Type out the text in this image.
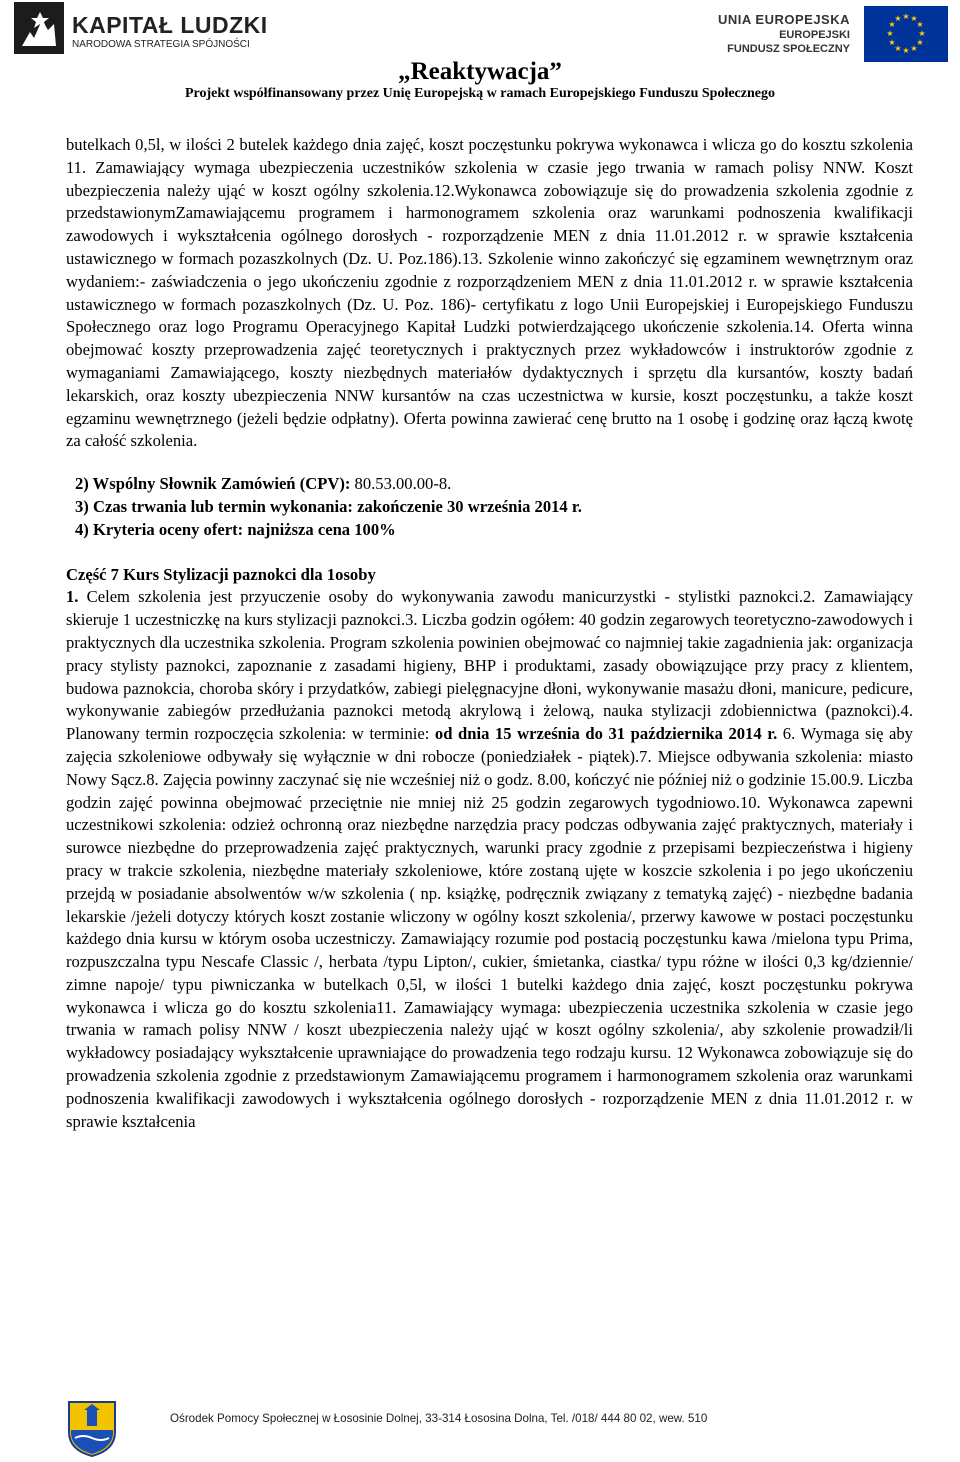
KAPITAŁ LUDZKI
NARODOWA STRATEGIA SPÓJNOŚCI
UNIA EUROPEJSKA
EUROPEJSKI
FUNDUSZ SPOŁECZNY
★ ★
★
★
★
★
★
★
★
★
★
★
„Reaktywacja”
Projekt współfinansowany przez Unię Europejską w ramach Europejskiego Funduszu Społecznego

butelkach 0,5l, w ilości 2 butelek każdego dnia zajęć, koszt poczęstunku pokrywa wykonawca i wlicza go do kosztu szkolenia 11. Zamawiający wymaga ubezpieczenia uczestników szkolenia w czasie jego trwania w ramach polisy NNW. Koszt ubezpieczenia należy ująć w koszt ogólny szkolenia.12.Wykonawca zobowiązuje się do prowadzenia szkolenia zgodnie z przedstawionymZamawiającemu programem i harmonogramem szkolenia oraz warunkami podnoszenia kwalifikacji zawodowych i wykształcenia ogólnego dorosłych - rozporządzenie MEN z dnia 11.01.2012 r. w sprawie kształcenia ustawicznego w formach pozaszkolnych (Dz. U. Poz.186).13. Szkolenie winno zakończyć się egzaminem wewnętrznym oraz wydaniem:- zaświadczenia o jego ukończeniu zgodnie z rozporządzeniem MEN z dnia 11.01.2012 r. w sprawie kształcenia ustawicznego w formach pozaszkolnych (Dz. U. Poz. 186)- certyfikatu z logo Unii Europejskiej i Europejskiego Funduszu Społecznego oraz logo Programu Operacyjnego Kapitał Ludzki potwierdzającego ukończenie szkolenia.14. Oferta winna obejmować koszty przeprowadzenia zajęć teoretycznych i praktycznych przez wykładowców i instruktorów zgodnie z wymaganiami Zamawiającego, koszty niezbędnych materiałów dydaktycznych i sprzętu dla kursantów, koszty badań lekarskich, oraz koszty ubezpieczenia NNW kursantów na czas uczestnictwa w kursie, koszt poczęstunku, a także koszt egzaminu wewnętrznego (jeżeli będzie odpłatny). Oferta powinna zawierać cenę brutto na 1 osobę i godzinę oraz łączą kwotę za całość szkolenia.

2) Wspólny Słownik Zamówień (CPV): 80.53.00.00-8.

3) Czas trwania lub termin wykonania: zakończenie 30 września 2014 r.

4) Kryteria oceny ofert: najniższa cena 100%

Część 7 Kurs Stylizacji paznokci dla 1osoby

1. Celem szkolenia jest przyuczenie osoby do wykonywania zawodu manicurzystki - stylistki paznokci.2. Zamawiający skieruje 1 uczestniczkę na kurs stylizacji paznokci.3. Liczba godzin ogółem: 40 godzin zegarowych teoretyczno-zawodowych i praktycznych dla uczestnika szkolenia. Program szkolenia powinien obejmować co najmniej takie zagadnienia jak: organizacja pracy stylisty paznokci, zapoznanie z zasadami higieny, BHP i produktami, zasady obowiązujące przy pracy z klientem, budowa paznokcia, choroba skóry i przydatków, zabiegi pielęgnacyjne dłoni, wykonywanie masażu dłoni, manicure, pedicure, wykonywanie zabiegów przedłużania paznokci metodą akrylową i żelową, nauka stylizacji zdobiennictwa (paznokci).4. Planowany termin rozpoczęcia szkolenia: w terminie: od dnia 15 września do 31 października 2014 r. 6. Wymaga się aby zajęcia szkoleniowe odbywały się wyłącznie w dni robocze (poniedziałek - piątek).7. Miejsce odbywania szkolenia: miasto Nowy Sącz.8. Zajęcia powinny zaczynać się nie wcześniej niż o godz. 8.00, kończyć nie później niż o godzinie 15.00.9. Liczba godzin zajęć powinna obejmować przeciętnie nie mniej niż 25 godzin zegarowych tygodniowo.10. Wykonawca zapewni uczestnikowi szkolenia: odzież ochronną oraz niezbędne narzędzia pracy podczas odbywania zajęć praktycznych, materiały i surowce niezbędne do przeprowadzenia zajęć praktycznych, warunki pracy zgodnie z przepisami bezpieczeństwa i higieny pracy w trakcie szkolenia, niezbędne materiały szkoleniowe, które zostaną ujęte w koszcie szkolenia i po jego ukończeniu przejdą w posiadanie absolwentów w/w szkolenia ( np. książkę, podręcznik związany z tematyką zajęć) - niezbędne badania lekarskie /jeżeli dotyczy których koszt zostanie wliczony w ogólny koszt szkolenia/, przerwy kawowe w postaci poczęstunku każdego dnia kursu w którym osoba uczestniczy. Zamawiający rozumie pod postacią poczęstunku kawa /mielona typu Prima, rozpuszczalna typu Nescafe Classic /, herbata /typu Lipton/, cukier, śmietanka, ciastka/ typu różne w ilości 0,3 kg/dziennie/ zimne napoje/ typu piwniczanka w butelkach 0,5l, w ilości 1 butelki każdego dnia zajęć, koszt poczęstunku pokrywa wykonawca i wlicza go do kosztu szkolenia11. Zamawiający wymaga: ubezpieczenia uczestnika szkolenia w czasie jego trwania w ramach polisy NNW / koszt ubezpieczenia należy ująć w koszt ogólny szkolenia/, aby szkolenie prowadził/li wykładowcy posiadający wykształcenie uprawniające do prowadzenia tego rodzaju kursu. 12 Wykonawca zobowiązuje się do prowadzenia szkolenia zgodnie z przedstawionym Zamawiającemu programem i harmonogramem szkolenia oraz warunkami podnoszenia kwalifikacji zawodowych i wykształcenia ogólnego dorosłych - rozporządzenie MEN z dnia 11.01.2012 r. w sprawie kształcenia

Ośrodek Pomocy Społecznej w Łososinie Dolnej, 33-314 Łososina Dolna, Tel. /018/ 444 80 02, wew. 510
